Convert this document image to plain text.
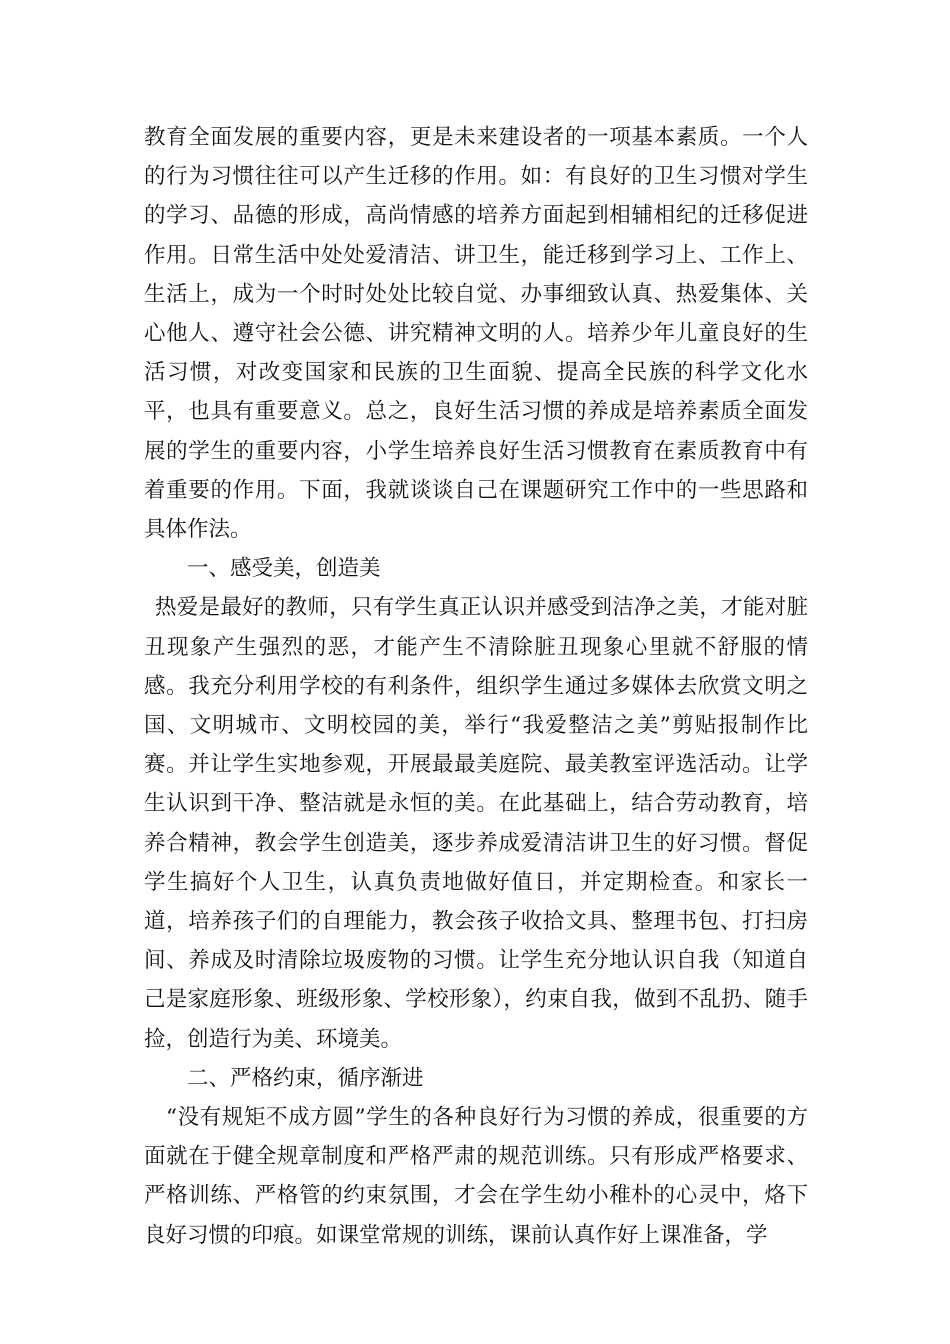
教育全面发展的重要内容，更是未来建设者的一项基本素质。一个人的行为习惯往往可以产生迁移的作用。如：有良好的卫生习惯对学生的学习、品德的形成，高尚情感的培养方面起到相辅相纪的迁移促进作用。日常生活中处处爱清洁、讲卫生，能迁移到学习上、工作上、生活上，成为一个时时处处比较自觉、办事细致认真、热爱集体、关心他人、遵守社会公德、讲究精神文明的人。培养少年儿童良好的生活习惯，对改变国家和民族的卫生面貌、提高全民族的科学文化水平，也具有重要意义。总之，良好生活习惯的养成是培养素质全面发展的学生的重要内容，小学生培养良好生活习惯教育在素质教育中有着重要的作用。下面，我就谈谈自己在课题研究工作中的一些思路和具体作法。

一、感受美，创造美

热爱是最好的教师，只有学生真正认识并感受到洁净之美，才能对脏丑现象产生强烈的恶，才能产生不清除脏丑现象心里就不舒服的情感。我充分利用学校的有利条件，组织学生通过多媒体去欣赏文明之国、文明城市、文明校园的美，举行“我爱整洁之美”剪贴报制作比赛。并让学生实地参观，开展最最美庭院、最美教室评选活动。让学生认识到干净、整洁就是永恒的美。在此基础上，结合劳动教育，培养合精神，教会学生创造美，逐步养成爱清洁讲卫生的好习惯。督促学生搞好个人卫生，认真负责地做好值日，并定期检查。和家长一道，培养孩子们的自理能力，教会孩子收拾文具、整理书包、打扫房间、养成及时清除垃圾废物的习惯。让学生充分地认识自我（知道自己是家庭形象、班级形象、学校形象），约束自我，做到不乱扔、随手捡，创造行为美、环境美。

二、严格约束，循序渐进

“没有规矩不成方圆”学生的各种良好行为习惯的养成，很重要的方面就在于健全规章制度和严格严肃的规范训练。只有形成严格要求、严格训练、严格管的约束氛围，才会在学生幼小稚朴的心灵中，烙下良好习惯的印痕。如课堂常规的训练，课前认真作好上课准备，学
